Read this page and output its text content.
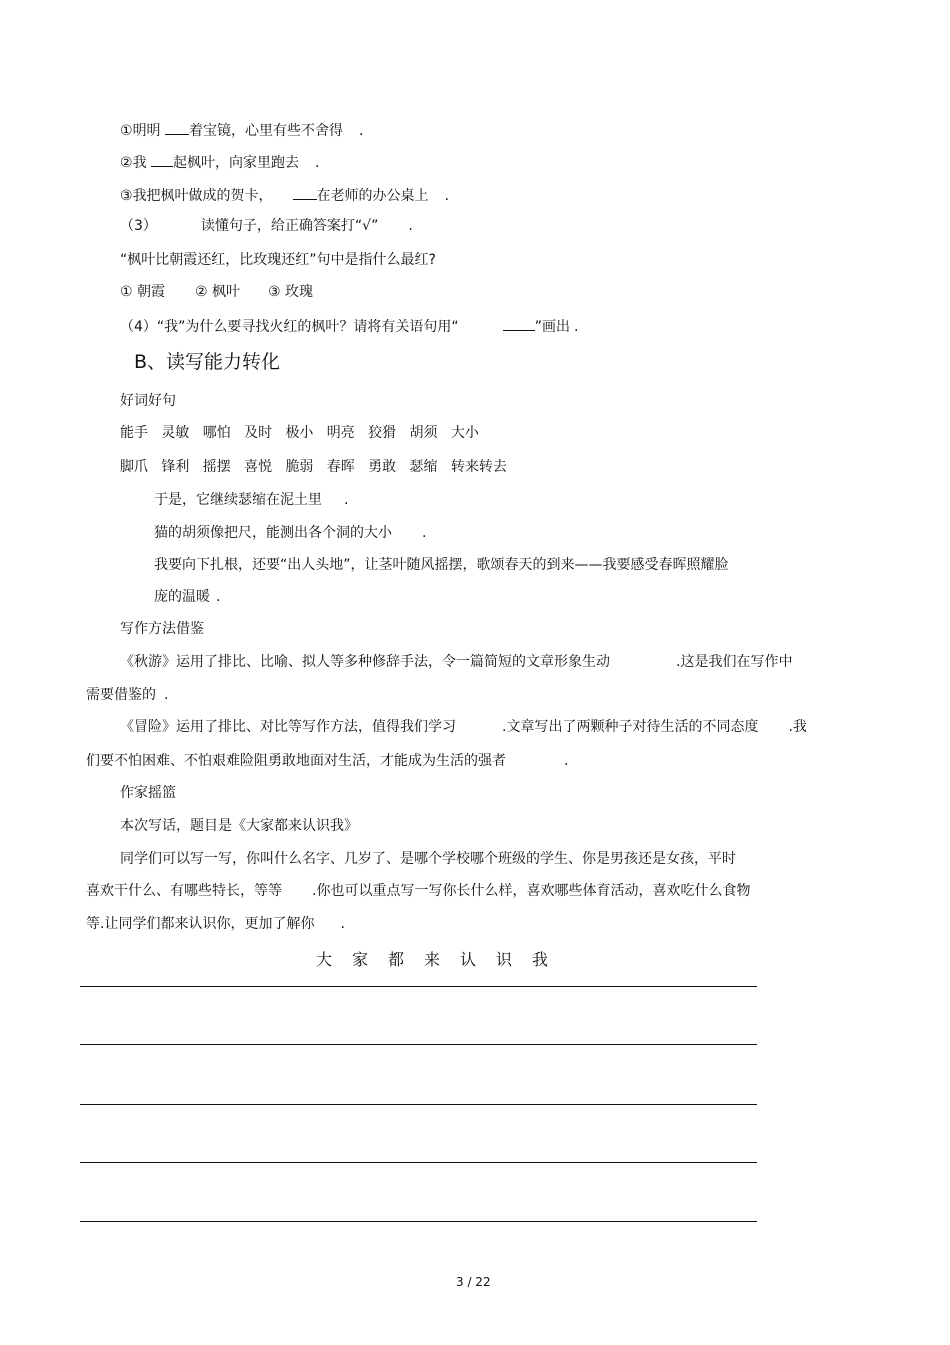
①明明 着宝镜，心里有些不舍得 .
②我 起枫叶，向家里跑去 .
③我把枫叶做成的贺卡，	在老师的办公桌上 .
（3）	读懂句子，给正确答案打“√” .
“枫叶比朝霞还红，比玫瑰还红”句中是指什么最红?
① 朝霞 ② 枫叶 ③ 玫瑰
（4）“我”为什么要寻找火红的枫叶？请将有关语句用“	”画出 .
B、读写能力转化
好词好句
能手 灵敏 哪怕 及时 极小 明亮 狡猾 胡须 大小
脚爪 锋利 摇摆 喜悦 脆弱 春晖 勇敢 瑟缩 转来转去
于是，它继续瑟缩在泥土里 .
猫的胡须像把尺，能测出各个洞的大小 .
我要向下扎根，还要“出人头地”，让茎叶随风摇摆，歌颂春天的到来——我要感受春晖照耀脸
庞的温暖 .
写作方法借鉴
《秋游》运用了排比、比喻、拟人等多种修辞手法，令一篇简短的文章形象生动	.这是我们在写作中
需要借鉴的 .
《冒险》运用了排比、对比等写作方法，值得我们学习	.文章写出了两颗种子对待生活的不同态度 .我
们要不怕困难、不怕艰难险阻勇敢地面对生活，才能成为生活的强者	.
作家摇篮
本次写话，题目是《大家都来认识我》
同学们可以写一写，你叫什么名字、几岁了、是哪个学校哪个班级的学生、你是男孩还是女孩，平时
喜欢干什么、有哪些特长，等等 .你也可以重点写一写你长什么样，喜欢哪些体育活动，喜欢吃什么食物
等.让同学们都来认识你，更加了解你 .
大家都来认识我
3 / 22
